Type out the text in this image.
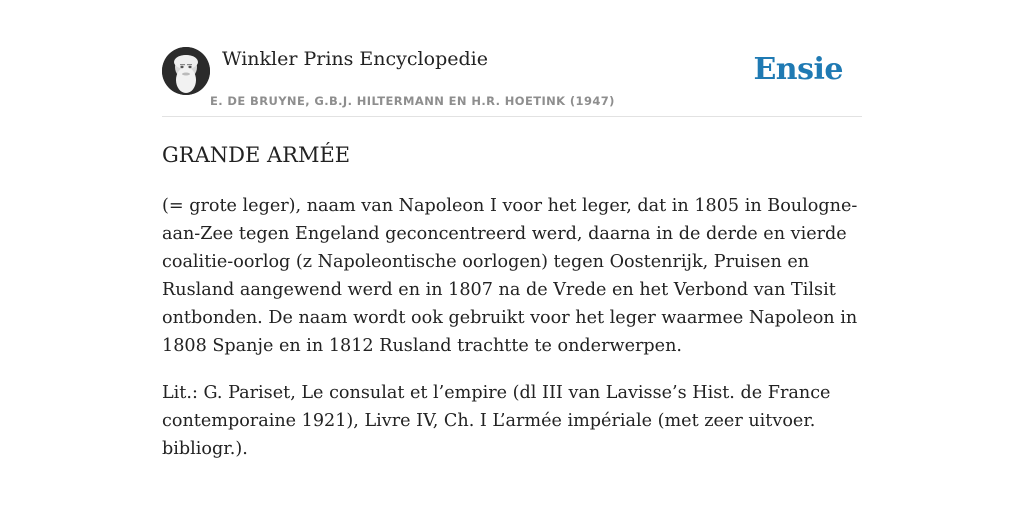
Winkler Prins Encyclopedie
E. DE BRUYNE, G.B.J. HILTERMANN EN H.R. HOETINK (1947)
Ensie
GRANDE ARMÉE

(= grote leger), naam van Napoleon I voor het leger, dat in 1805 in Boulogne-aan-Zee tegen Engeland geconcentreerd werd, daarna in de derde en vierde coalitie-oorlog (z Napoleontische oorlogen) tegen Oostenrijk, Pruisen en Rusland aangewend werd en in 1807 na de Vrede en het Verbond van Tilsit ontbonden. De naam wordt ook gebruikt voor het leger waarmee Napoleon in 1808 Spanje en in 1812 Rusland trachtte te onderwerpen.

Lit.: G. Pariset, Le consulat et l’empire (dl III van Lavisse’s Hist. de France contemporaine 1921), Livre IV, Ch. I L’armée impériale (met zeer uitvoer. bibliogr.).
